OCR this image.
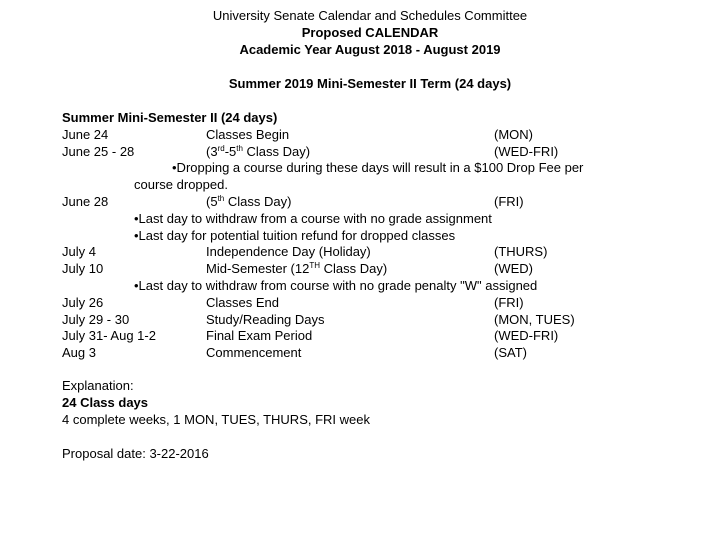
University Senate Calendar and Schedules Committee
Proposed CALENDAR
Academic Year August 2018 - August 2019
Summer 2019 Mini-Semester II Term (24 days)
Summer Mini-Semester II (24 days)
June 24	Classes Begin	(MON)
June 25 - 28	(3rd-5th Class Day)	(WED-FRI)
•Dropping a course during these days will result in a $100 Drop Fee per
course dropped.
June 28	(5th Class Day)	(FRI)
•Last day to withdraw from a course with no grade assignment
•Last day for potential tuition refund for dropped classes
July 4	Independence Day (Holiday)	(THURS)
July 10	Mid-Semester (12TH Class Day)	(WED)
•Last day to withdraw from course with no grade penalty "W" assigned
July 26	Classes End	(FRI)
July 29 - 30	Study/Reading Days	(MON, TUES)
July 31- Aug 1-2	Final Exam Period	(WED-FRI)
Aug 3	Commencement	(SAT)
Explanation:
24 Class days
4 complete weeks, 1 MON, TUES, THURS, FRI week
Proposal date: 3-22-2016
